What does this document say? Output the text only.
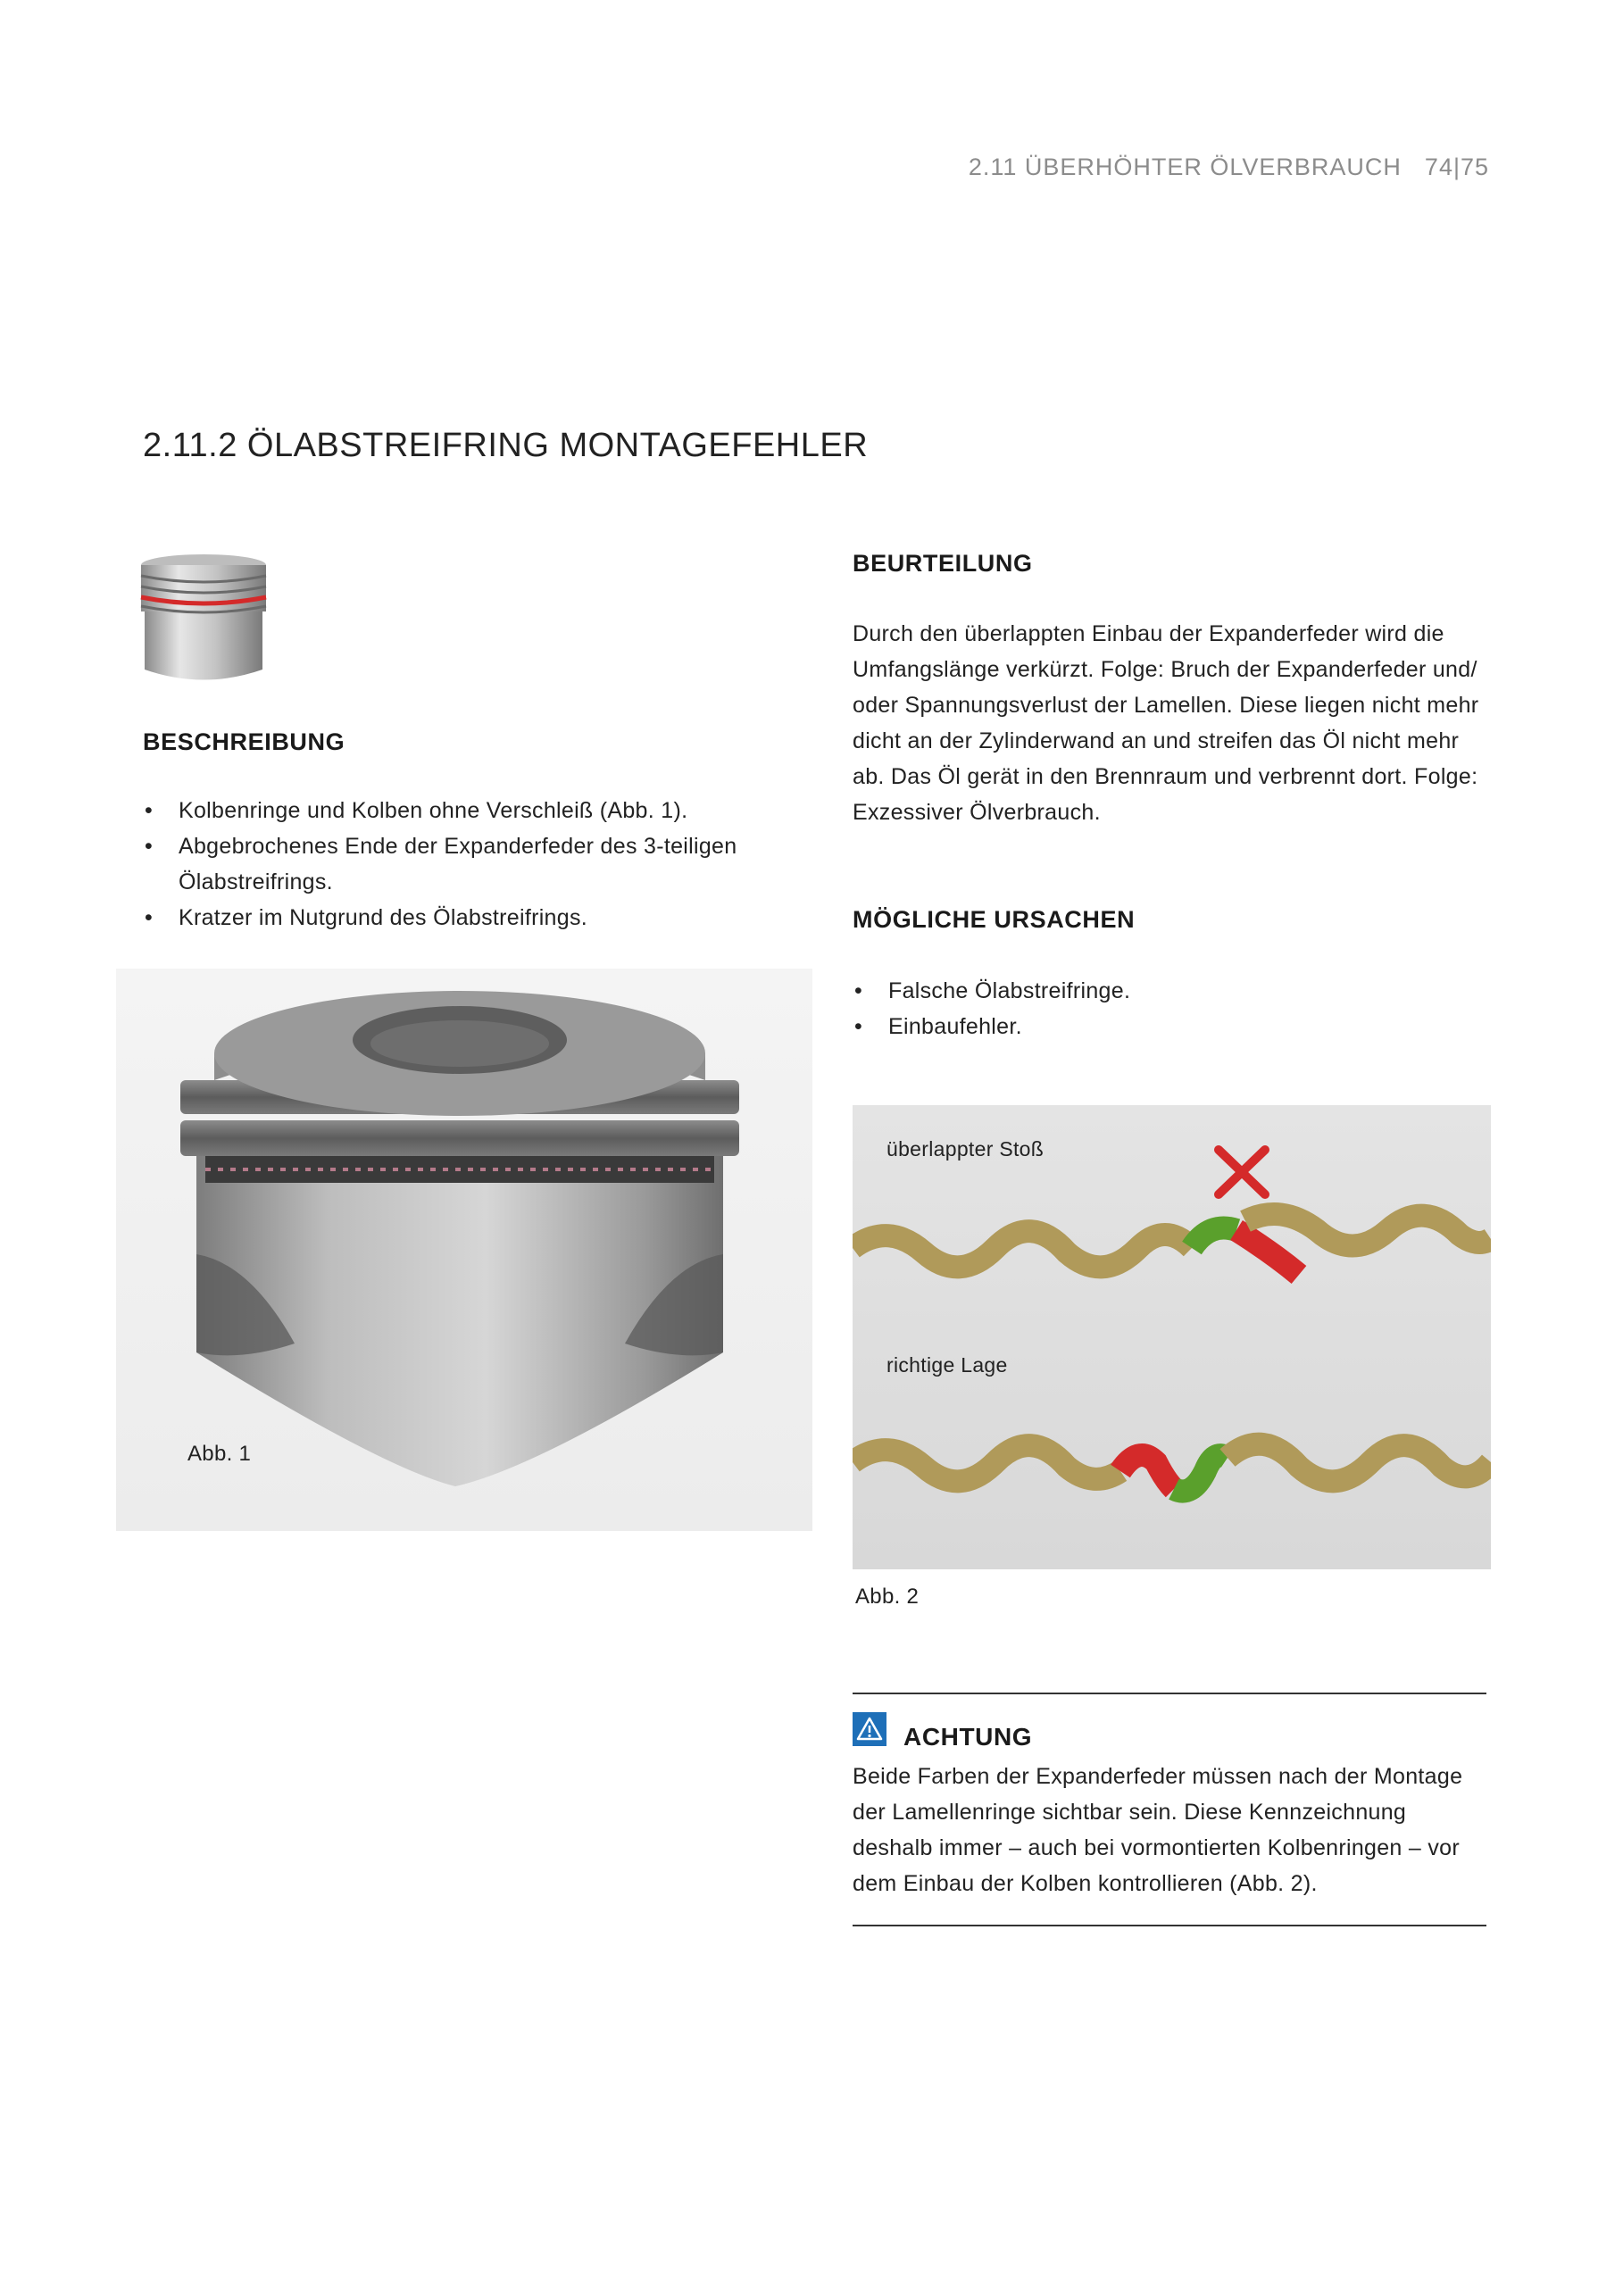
2.11 ÜBERHÖHTER ÖLVERBRAUCH 74|75
2.11.2 ÖLABSTREIFRING MONTAGEFEHLER
BESCHREIBUNG
• Kolbenringe und Kolben ohne Verschleiß (Abb. 1).
• Abgebrochenes Ende der Expanderfeder des 3-teiligen Ölabstreifrings.
• Kratzer im Nutgrund des Ölabstreifrings.
Abb. 1
BEURTEILUNG

Durch den überlappten Einbau der Expanderfeder wird die Umfangslänge verkürzt. Folge: Bruch der Expanderfeder und/ oder Spannungsverlust der Lamellen. Diese liegen nicht mehr dicht an der Zylinderwand an und streifen das Öl nicht mehr ab. Das Öl gerät in den Brennraum und verbrennt dort. Folge: Exzessiver Ölverbrauch.

MÖGLICHE URSACHEN
• Falsche Ölabstreifringe.
• Einbaufehler.
überlappter Stoß
richtige Lage
Abb. 2
ACHTUNG

Beide Farben der Expanderfeder müssen nach der Montage der Lamellenringe sichtbar sein. Diese Kennzeichnung deshalb immer – auch bei vormontierten Kolbenringen – vor dem Einbau der Kolben kontrollieren (Abb. 2).
